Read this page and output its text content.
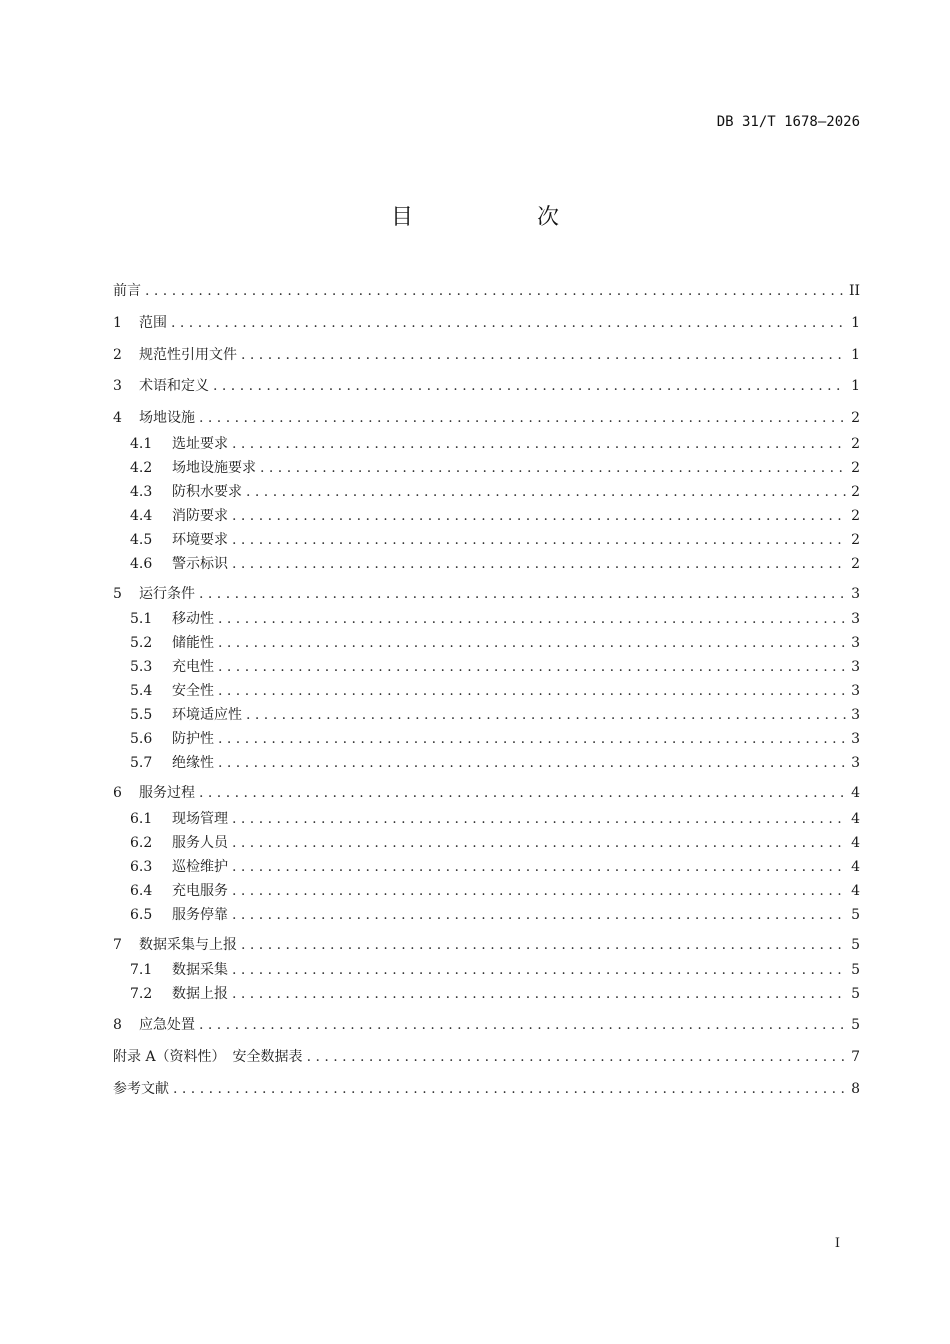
DB 31/T 1678—2026
目	次
前言 . . .	II
1 范围 . . .	1
2 规范性引用文件 . . .	1
3 术语和定义 . . .	1
4 场地设施 . . .	2
4.1 选址要求 . . .	2
4.2 场地设施要求 . . .	2
4.3 防积水要求 . . .	2
4.4 消防要求 . . .	2
4.5 环境要求 . . .	2
4.6 警示标识 . . .	2
5 运行条件 . . .	3
5.1 移动性 . . .	3
5.2 储能性 . . .	3
5.3 充电性 . . .	3
5.4 安全性 . . .	3
5.5 环境适应性 . . .	3
5.6 防护性 . . .	3
5.7 绝缘性 . . .	3
6 服务过程 . . .	4
6.1 现场管理 . . .	4
6.2 服务人员 . . .	4
6.3 巡检维护 . . .	4
6.4 充电服务 . . .	4
6.5 服务停靠 . . .	5
7 数据采集与上报 . . .	5
7.1 数据采集 . . .	5
7.2 数据上报 . . .	5
8 应急处置 . . .	5
附录 A（资料性）　安全数据表 . . .	7
参考文献 . . .	8
I
